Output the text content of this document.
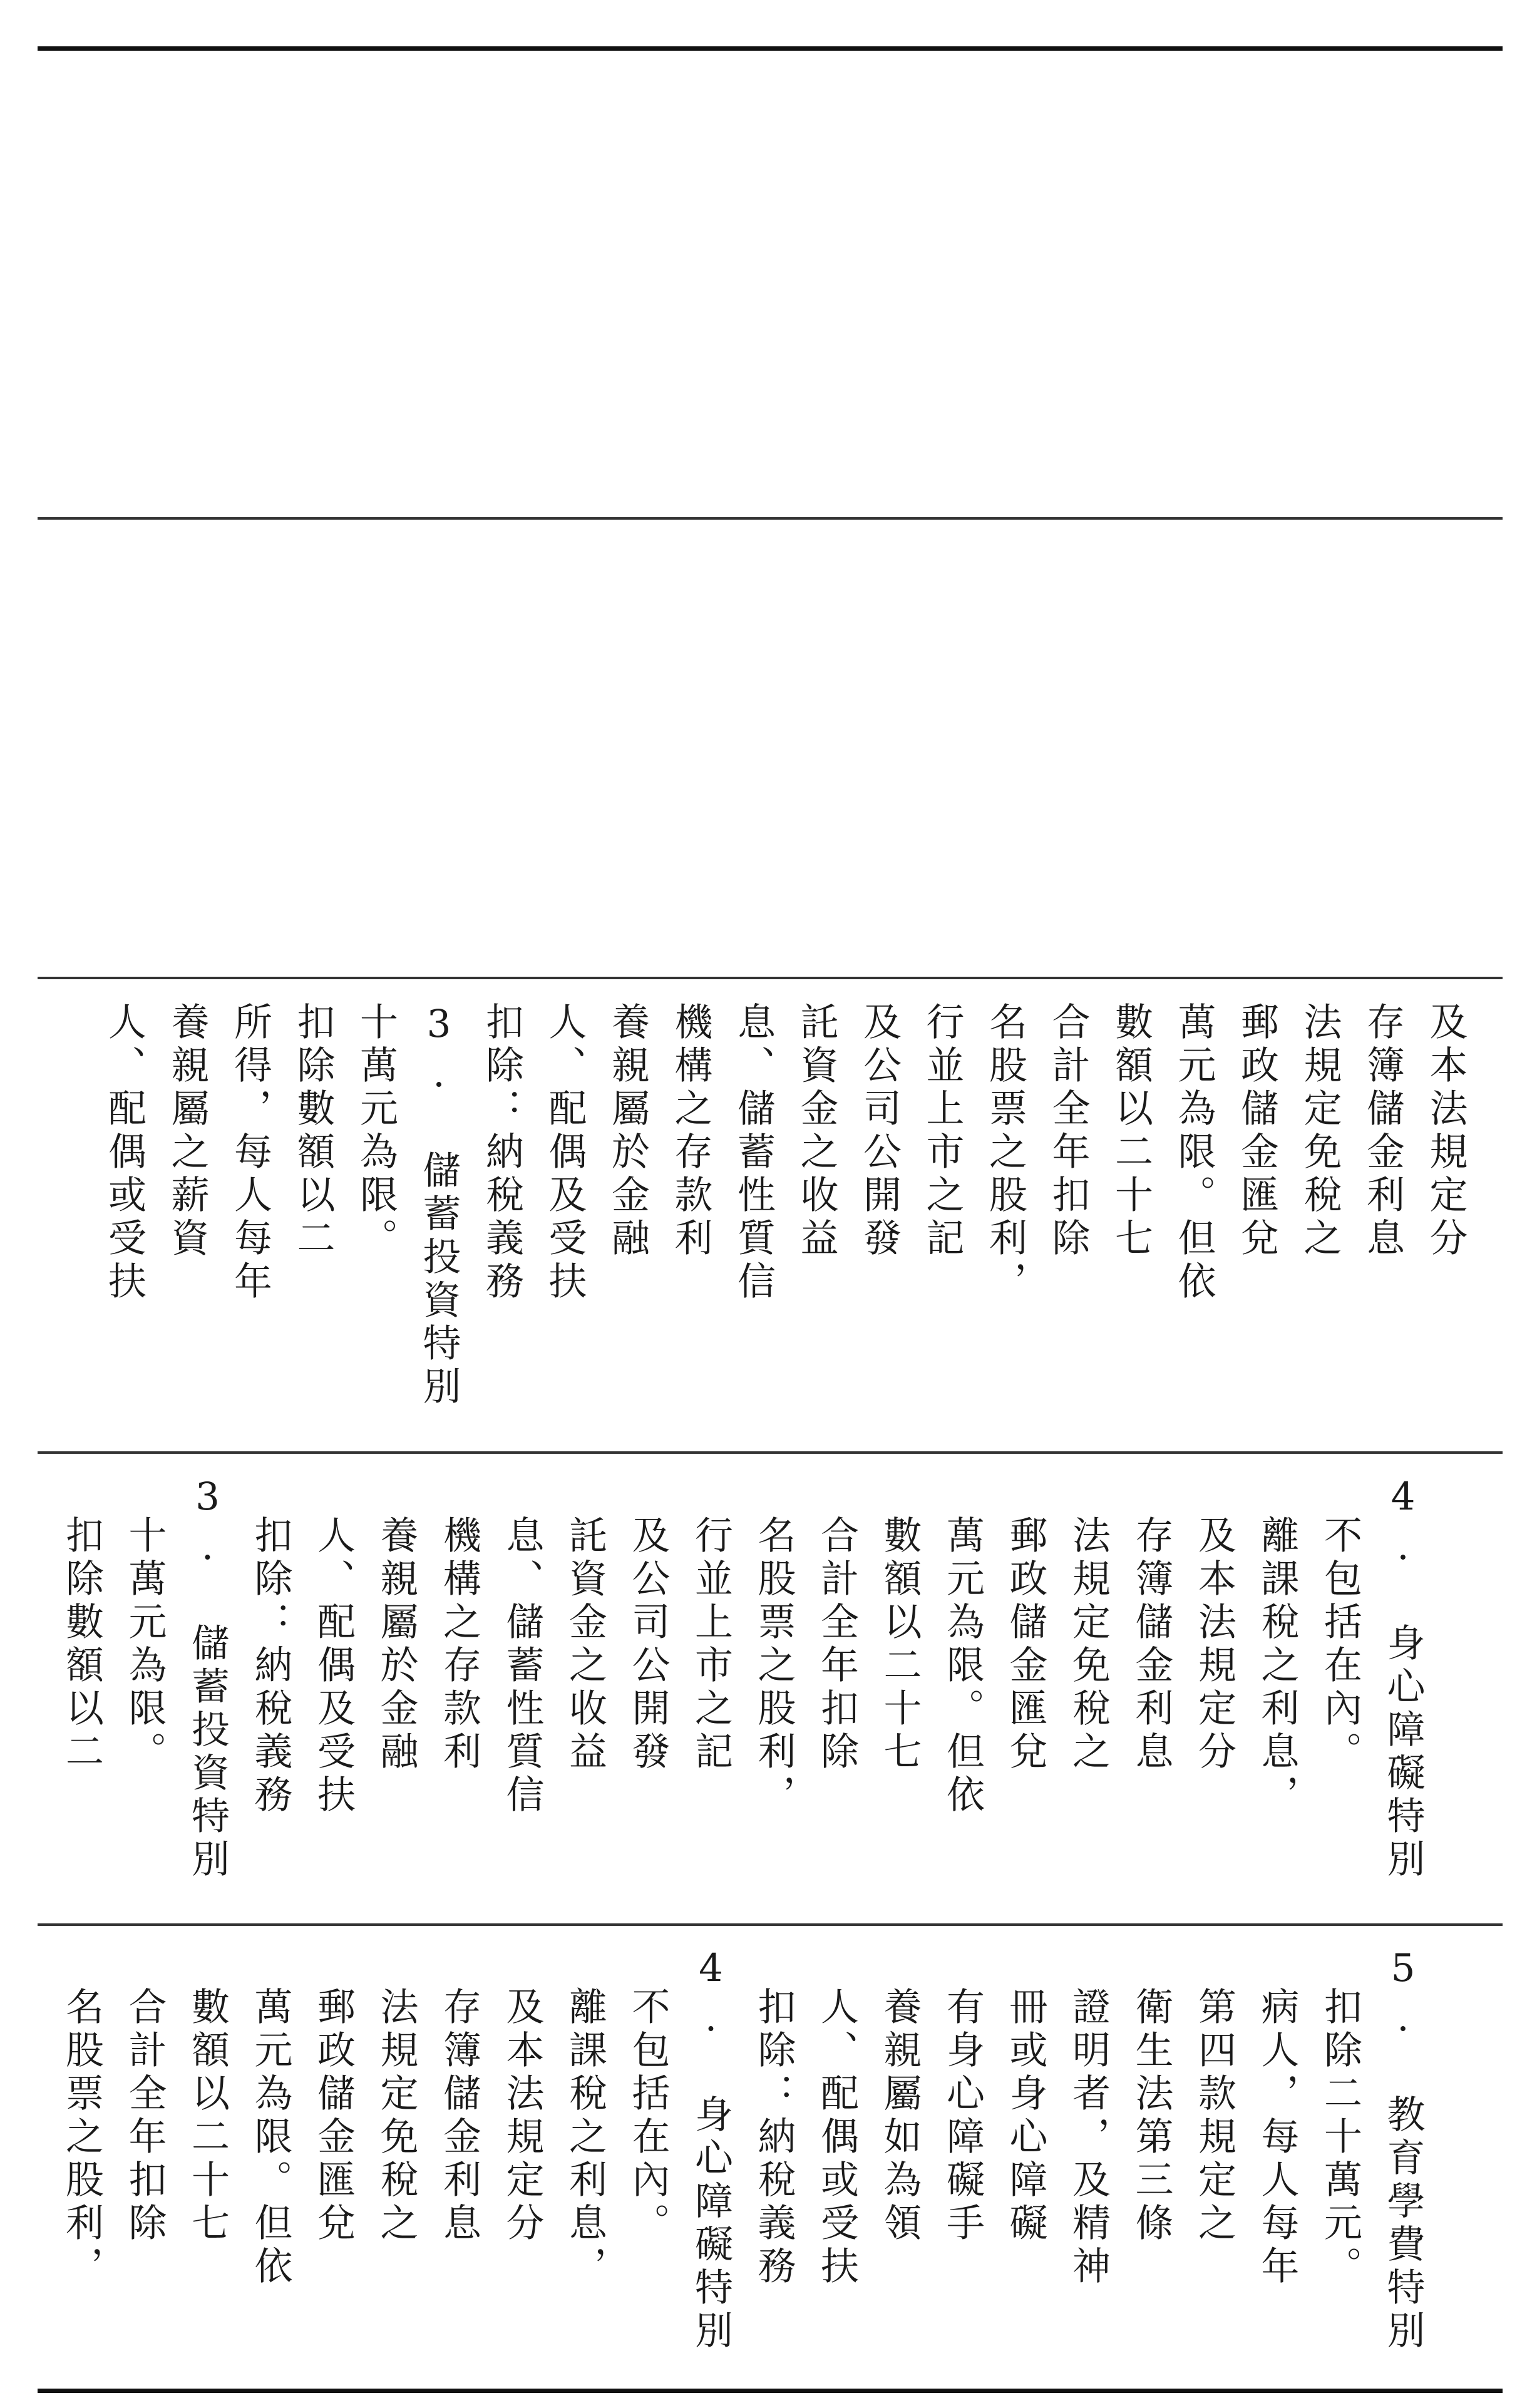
人、配偶或受扶 養親屬之薪資 所得，每人每年 扣除數額以二 十萬元為限。 3. 儲蓄投資特別 扣除：納稅義務 人、配偶及受扶 養親屬於金融 機構之存款利 息、儲蓄性質信 託資金之收益 及公司公開發 行並上市之記 名股票之股利， 合計全年扣除 數額以二十七 萬元為限。但依 郵政儲金匯兌 法規定免稅之 存簿儲金利息 及本法規定分
扣除數額以二 十萬元為限。 3. 儲蓄投資特別 扣除：納稅義務 人、配偶及受扶 養親屬於金融 機構之存款利 息、儲蓄性質信 託資金之收益 及公司公開發 行並上市之記 名股票之股利， 合計全年扣除 數額以二十七 萬元為限。但依 郵政儲金匯兌 法規定免稅之 存簿儲金利息 及本法規定分 離課稅之利息， 不包括在內。 4. 身心障礙特別
名股票之股利， 合計全年扣除 數額以二十七 萬元為限。但依 郵政儲金匯兌 法規定免稅之 存簿儲金利息 及本法規定分 離課稅之利息， 不包括在內。 4. 身心障礙特別 扣除：納稅義務 人、配偶或受扶 養親屬如為領 有身心障礙手 冊或身心障礙 證明者，及精神 衛生法第三條 第四款規定之 病人，每人每年 扣除二十萬元。 5. 教育學費特別
